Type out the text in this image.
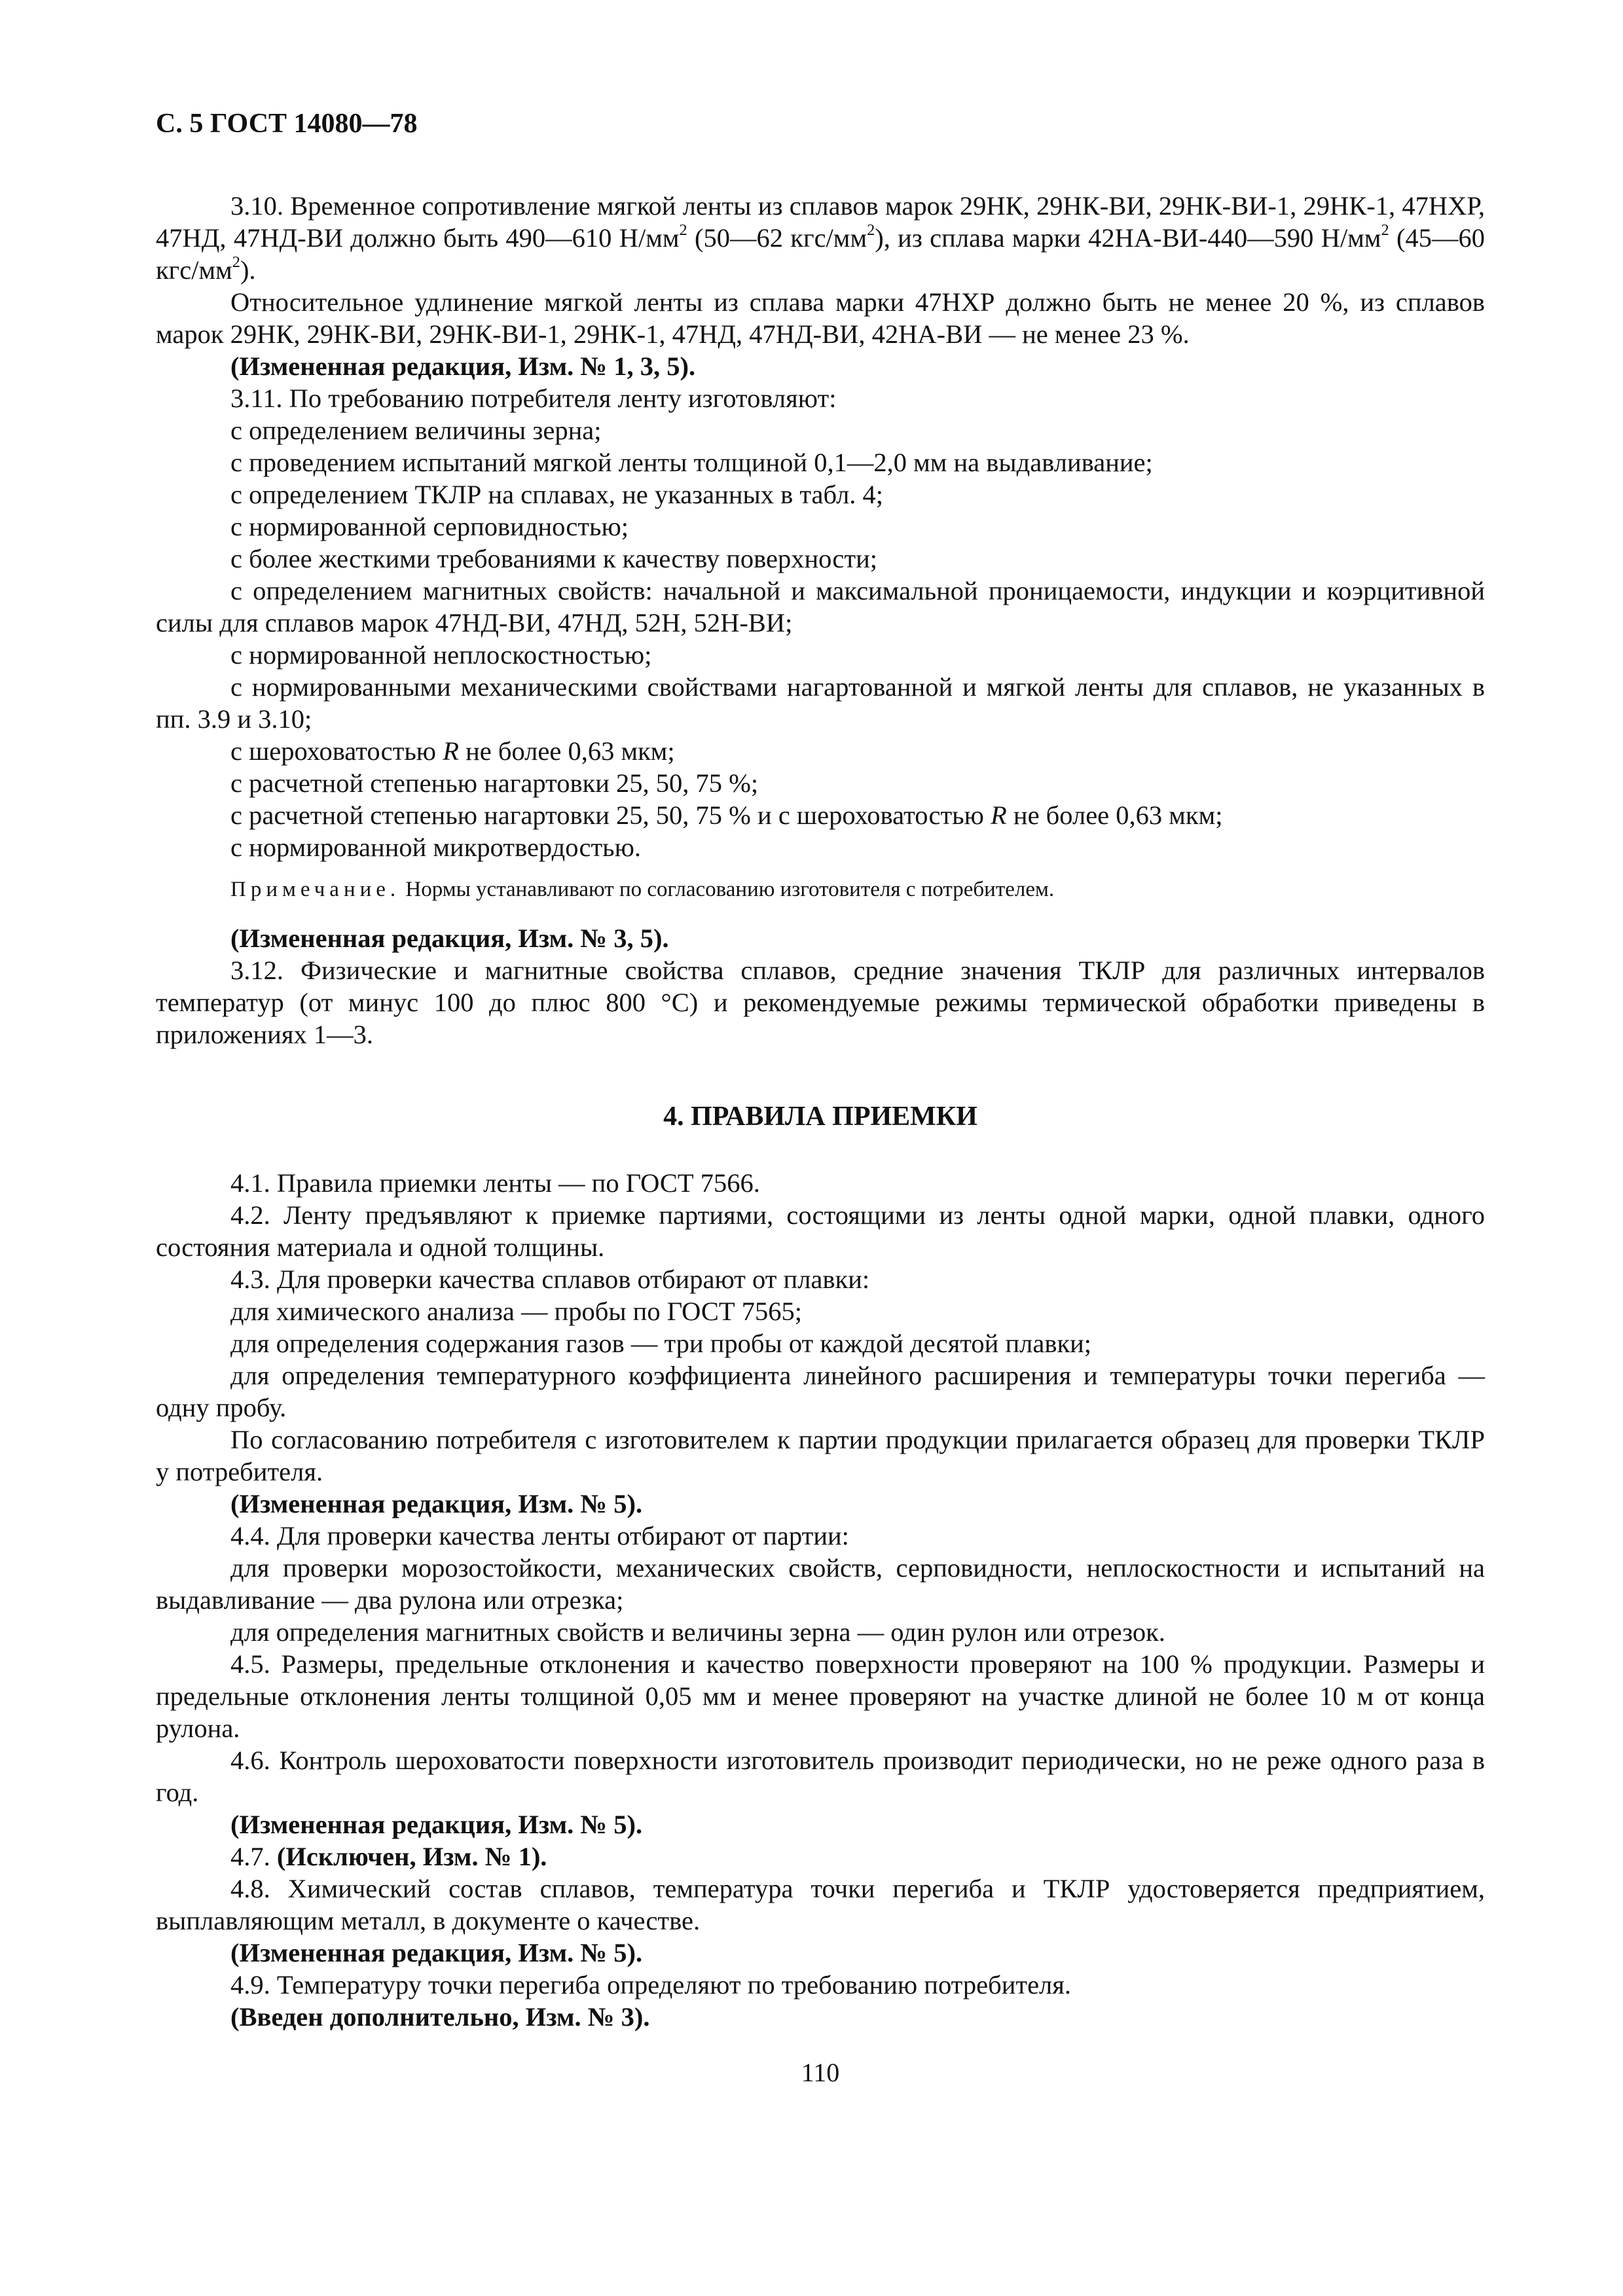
С. 5 ГОСТ 14080—78

3.10. Временное сопротивление мягкой ленты из сплавов марок 29НК, 29НК-ВИ, 29НК-ВИ-1, 29НК-1, 47НХР, 47НД, 47НД-ВИ должно быть 490—610 $Н/мм^2$ (50—62 кгс/$мм^2$), из сплава марки 42НА-ВИ-440—590 $Н/мм^2$ (45—60 кгс/$мм^2$).

Относительное удлинение мягкой ленты из сплава марки 47НХР должно быть не менее 20 %, из сплавов марок 29НК, 29НК-ВИ, 29НК-ВИ-1, 29НК-1, 47НД, 47НД-ВИ, 42НА-ВИ — не менее 23 %.

(Измененная редакция, Изм. № 1, 3, 5).

3.11. По требованию потребителя ленту изготовляют:

с определением величины зерна;

с проведением испытаний мягкой ленты толщиной 0,1—2,0 мм на выдавливание;

с определением ТКЛР на сплавах, не указанных в табл. 4;

с нормированной серповидностью;

с более жесткими требованиями к качеству поверхности;

с определением магнитных свойств: начальной и максимальной проницаемости, индукции и коэрцитивной силы для сплавов марок 47НД-ВИ, 47НД, 52Н, 52Н-ВИ;

с нормированной неплоскостностью;

с нормированными механическими свойствами нагартованной и мягкой ленты для сплавов, не указанных в пп. 3.9 и 3.10;

с шероховатостью R не более 0,63 мкм;

с расчетной степенью нагартовки 25, 50, 75 %;

с расчетной степенью нагартовки 25, 50, 75 % и с шероховатостью R не более 0,63 мкм;

с нормированной микротвердостью.

Примечание. Нормы устанавливают по согласованию изготовителя с потребителем.

(Измененная редакция, Изм. № 3, 5).

3.12. Физические и магнитные свойства сплавов, средние значения ТКЛР для различных интервалов температур (от минус 100 до плюс 800 °С) и рекомендуемые режимы термической обработки приведены в приложениях 1—3.

4. ПРАВИЛА ПРИЕМКИ

4.1. Правила приемки ленты — по ГОСТ 7566.

4.2. Ленту предъявляют к приемке партиями, состоящими из ленты одной марки, одной плавки, одного состояния материала и одной толщины.

4.3. Для проверки качества сплавов отбирают от плавки:

для химического анализа — пробы по ГОСТ 7565;

для определения содержания газов — три пробы от каждой десятой плавки;

для определения температурного коэффициента линейного расширения и температуры точки перегиба — одну пробу.

По согласованию потребителя с изготовителем к партии продукции прилагается образец для проверки ТКЛР у потребителя.

(Измененная редакция, Изм. № 5).

4.4. Для проверки качества ленты отбирают от партии:

для проверки морозостойкости, механических свойств, серповидности, неплоскостности и испытаний на выдавливание — два рулона или отрезка;

для определения магнитных свойств и величины зерна — один рулон или отрезок.

4.5. Размеры, предельные отклонения и качество поверхности проверяют на 100 % продукции. Размеры и предельные отклонения ленты толщиной 0,05 мм и менее проверяют на участке длиной не более 10 м от конца рулона.

4.6. Контроль шероховатости поверхности изготовитель производит периодически, но не реже одного раза в год.

(Измененная редакция, Изм. № 5).

4.7. (Исключен, Изм. № 1).

4.8. Химический состав сплавов, температура точки перегиба и ТКЛР удостоверяется предприятием, выплавляющим металл, в документе о качестве.

(Измененная редакция, Изм. № 5).

4.9. Температуру точки перегиба определяют по требованию потребителя.

(Введен дополнительно, Изм. № 3).

110
